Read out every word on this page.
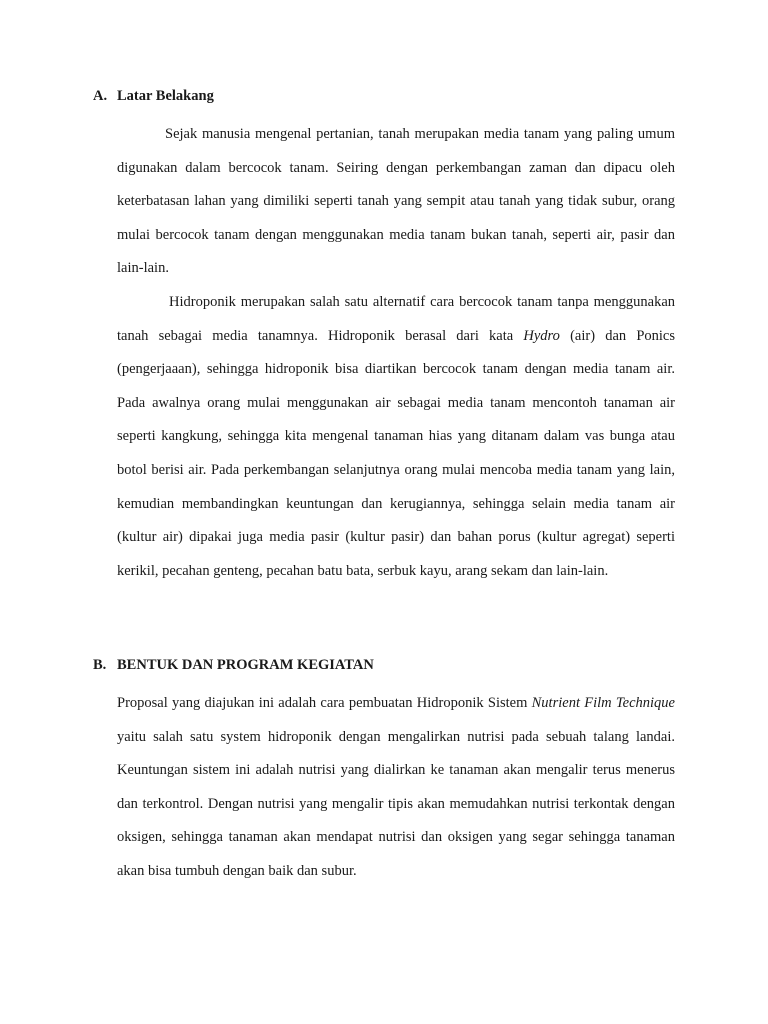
A. Latar Belakang

Sejak manusia mengenal pertanian, tanah merupakan media tanam yang paling umum digunakan dalam bercocok tanam. Seiring dengan perkembangan zaman dan dipacu oleh keterbatasan lahan yang dimiliki seperti tanah yang sempit atau tanah yang tidak subur, orang mulai bercocok tanam dengan menggunakan media tanam bukan tanah, seperti air, pasir dan lain-lain.

Hidroponik merupakan salah satu alternatif cara bercocok tanam tanpa menggunakan tanah sebagai media tanamnya. Hidroponik berasal dari kata Hydro (air) dan Ponics (pengerjaaan), sehingga hidroponik bisa diartikan bercocok tanam dengan media tanam air. Pada awalnya orang mulai menggunakan air sebagai media tanam mencontoh tanaman air seperti kangkung, sehingga kita mengenal tanaman hias yang ditanam dalam vas bunga atau botol berisi air. Pada perkembangan selanjutnya orang mulai mencoba media tanam yang lain, kemudian membandingkan keuntungan dan kerugiannya, sehingga selain media tanam air (kultur air) dipakai juga media pasir (kultur pasir) dan bahan porus (kultur agregat) seperti kerikil, pecahan genteng, pecahan batu bata, serbuk kayu, arang sekam dan lain-lain.

B. BENTUK DAN PROGRAM KEGIATAN

Proposal yang diajukan ini adalah cara pembuatan Hidroponik Sistem Nutrient Film Technique yaitu salah satu system hidroponik dengan mengalirkan nutrisi pada sebuah talang landai. Keuntungan sistem ini adalah nutrisi yang dialirkan ke tanaman akan mengalir terus menerus dan terkontrol. Dengan nutrisi yang mengalir tipis akan memudahkan nutrisi terkontak dengan oksigen, sehingga tanaman akan mendapat nutrisi dan oksigen yang segar sehingga tanaman akan bisa tumbuh dengan baik dan subur.
